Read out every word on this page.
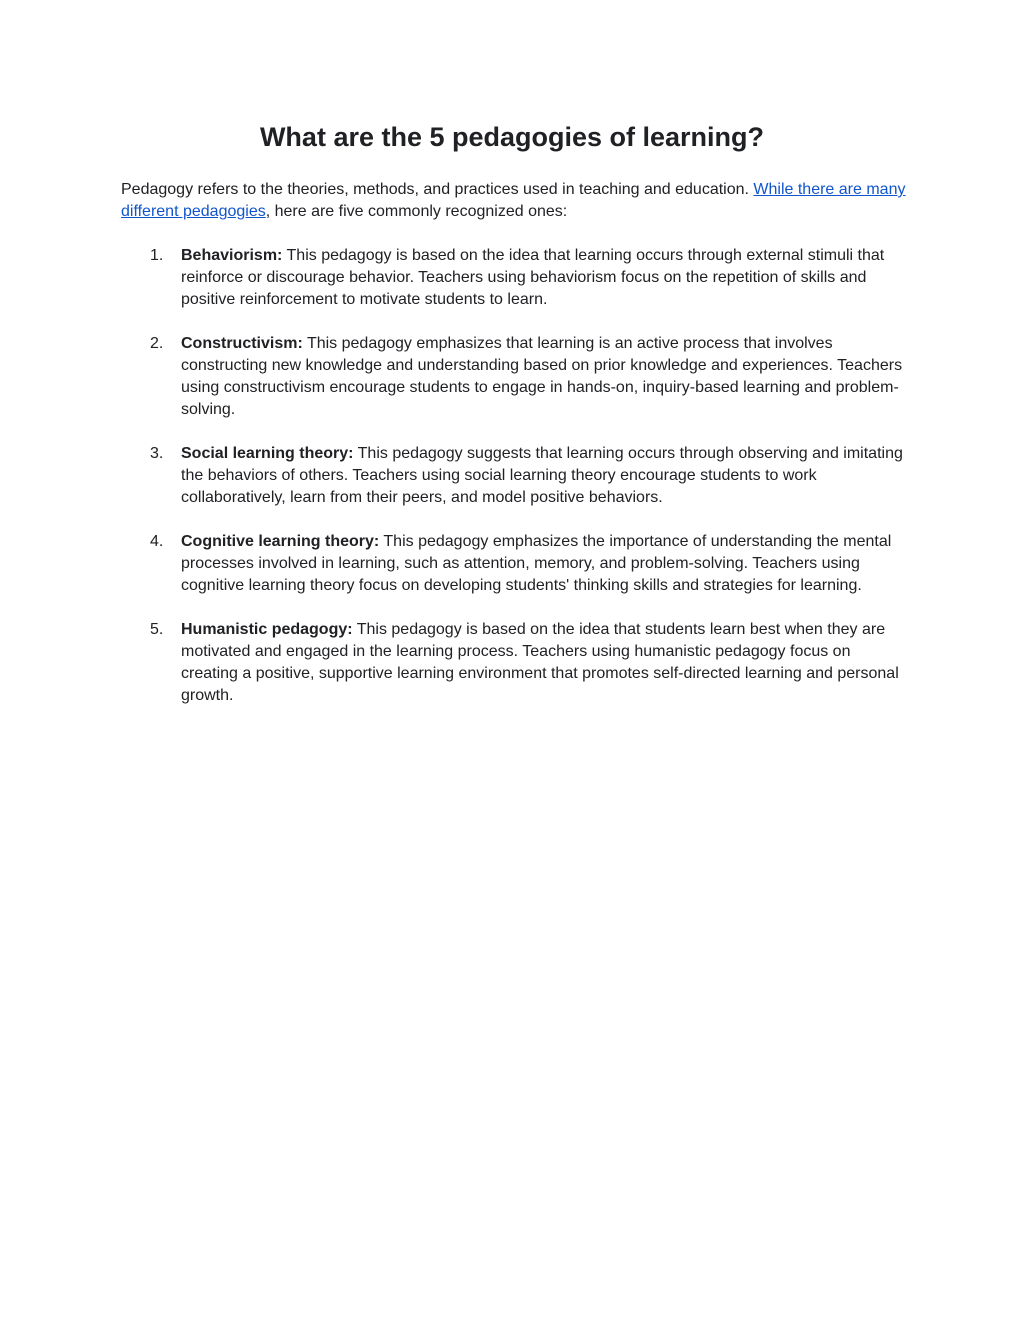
What are the 5 pedagogies of learning?

Pedagogy refers to the theories, methods, and practices used in teaching and education. While there are many different pedagogies, here are five commonly recognized ones:

1. Behaviorism: This pedagogy is based on the idea that learning occurs through external stimuli that reinforce or discourage behavior. Teachers using behaviorism focus on the repetition of skills and positive reinforcement to motivate students to learn.
2. Constructivism: This pedagogy emphasizes that learning is an active process that involves constructing new knowledge and understanding based on prior knowledge and experiences. Teachers using constructivism encourage students to engage in hands-on, inquiry-based learning and problem-solving.
3. Social learning theory: This pedagogy suggests that learning occurs through observing and imitating the behaviors of others. Teachers using social learning theory encourage students to work collaboratively, learn from their peers, and model positive behaviors.
4. Cognitive learning theory: This pedagogy emphasizes the importance of understanding the mental processes involved in learning, such as attention, memory, and problem-solving. Teachers using cognitive learning theory focus on developing students' thinking skills and strategies for learning.
5. Humanistic pedagogy: This pedagogy is based on the idea that students learn best when they are motivated and engaged in the learning process. Teachers using humanistic pedagogy focus on creating a positive, supportive learning environment that promotes self-directed learning and personal growth.
